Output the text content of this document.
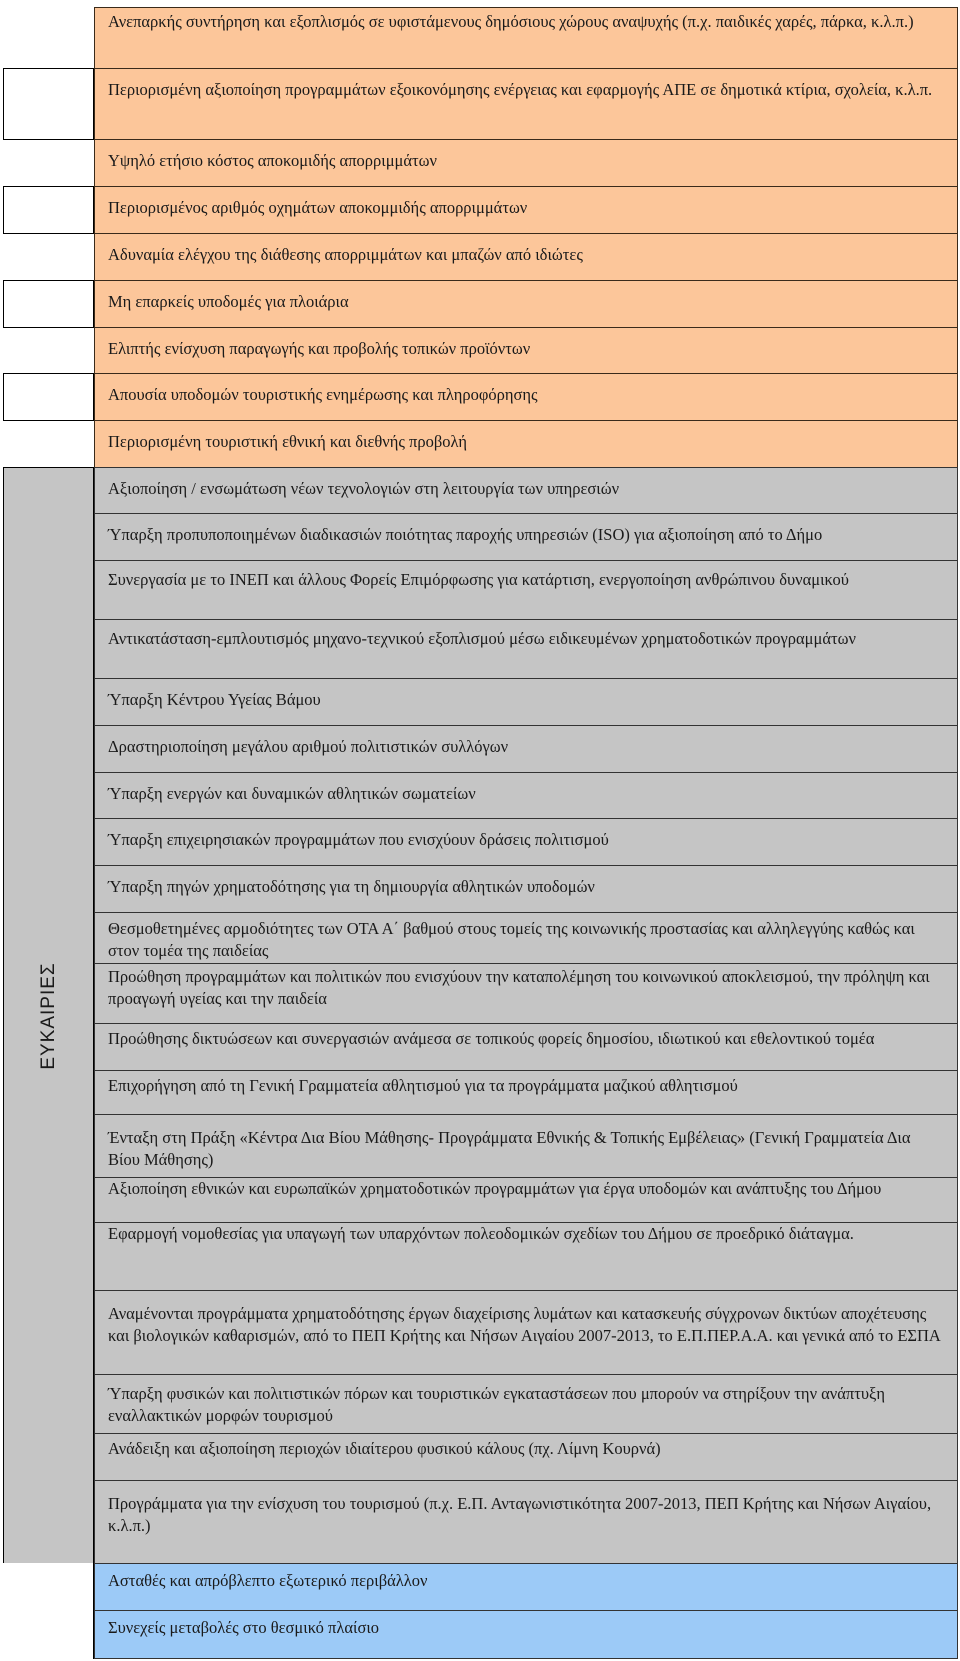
Ανεπαρκής συντήρηση και εξοπλισμός σε υφιστάμενους δημόσιους χώρους αναψυχής (π.χ. παιδικές χαρές, πάρκα, κ.λ.π.)
Περιορισμένη αξιοποίηση προγραμμάτων εξοικονόμησης ενέργειας και εφαρμογής ΑΠΕ σε δημοτικά κτίρια, σχολεία, κ.λ.π.
Υψηλό ετήσιο κόστος αποκομιδής απορριμμάτων
Περιορισμένος αριθμός οχημάτων αποκομμιδής απορριμμάτων
Αδυναμία ελέγχου της διάθεσης απορριμμάτων και μπαζών από ιδιώτες
Μη επαρκείς υποδομές για πλοιάρια
Ελιπτής ενίσχυση παραγωγής και προβολής τοπικών προϊόντων
Απουσία υποδομών τουριστικής ενημέρωσης και πληροφόρησης
Περιορισμένη τουριστική εθνική και διεθνής προβολή
ΕΥΚΑΙΡΙΕΣ
Αξιοποίηση / ενσωμάτωση νέων τεχνολογιών στη λειτουργία των υπηρεσιών
Ύπαρξη προπυποποιημένων διαδικασιών ποιότητας παροχής υπηρεσιών (ISO) για αξιοποίηση από το Δήμο
Συνεργασία με το ΙΝΕΠ και άλλους Φορείς Επιμόρφωσης για κατάρτιση, ενεργοποίηση ανθρώπινου δυναμικού
Αντικατάσταση-εμπλουτισμός μηχανο-τεχνικού εξοπλισμού μέσω ειδικευμένων χρηματοδοτικών προγραμμάτων
Ύπαρξη Κέντρου Υγείας Βάμου
Δραστηριοποίηση μεγάλου αριθμού πολιτιστικών συλλόγων
Ύπαρξη ενεργών και δυναμικών αθλητικών σωματείων
Ύπαρξη επιχειρησιακών προγραμμάτων που ενισχύουν δράσεις πολιτισμού
Ύπαρξη πηγών χρηματοδότησης για τη δημιουργία αθλητικών υποδομών
Θεσμοθετημένες αρμοδιότητες των ΟΤΑ Α΄ βαθμού στους τομείς της κοινωνικής προστασίας και αλληλεγγύης καθώς και στον τομέα της παιδείας
Προώθηση προγραμμάτων και πολιτικών που ενισχύουν την καταπολέμηση του κοινωνικού αποκλεισμού, την πρόληψη και προαγωγή υγείας και την παιδεία
Προώθησης δικτυώσεων και συνεργασιών ανάμεσα σε τοπικούς φορείς δημοσίου, ιδιωτικού και εθελοντικού τομέα
Επιχορήγηση από τη Γενική Γραμματεία αθλητισμού για τα προγράμματα μαζικού αθλητισμού
Ένταξη στη Πράξη «Κέντρα Δια Βίου Μάθησης- Προγράμματα Εθνικής & Τοπικής Εμβέλειας» (Γενική Γραμματεία Δια Βίου Μάθησης)
Αξιοποίηση εθνικών και ευρωπαϊκών χρηματοδοτικών προγραμμάτων για έργα υποδομών και ανάπτυξης του Δήμου
Εφαρμογή νομοθεσίας για υπαγωγή των υπαρχόντων πολεοδομικών σχεδίων του Δήμου σε προεδρικό διάταγμα.
Αναμένονται προγράμματα χρηματοδότησης έργων διαχείρισης λυμάτων και κατασκευής σύγχρονων δικτύων αποχέτευσης και βιολογικών καθαρισμών, από το ΠΕΠ Κρήτης και Νήσων Αιγαίου 2007-2013, το Ε.Π.ΠΕΡ.Α.Α. και γενικά από το ΕΣΠΑ
Ύπαρξη φυσικών και πολιτιστικών πόρων και τουριστικών εγκαταστάσεων που μπορούν να στηρίξουν την ανάπτυξη εναλλακτικών μορφών τουρισμού
Ανάδειξη και αξιοποίηση περιοχών ιδιαίτερου φυσικού κάλους (πχ. Λίμνη Κουρνά)
Προγράμματα για την ενίσχυση του τουρισμού (π.χ. Ε.Π. Ανταγωνιστικότητα 2007-2013, ΠΕΠ Κρήτης και Νήσων Αιγαίου, κ.λ.π.)
Ασταθές και απρόβλεπτο εξωτερικό περιβάλλον
Συνεχείς μεταβολές στο θεσμικό πλαίσιο
